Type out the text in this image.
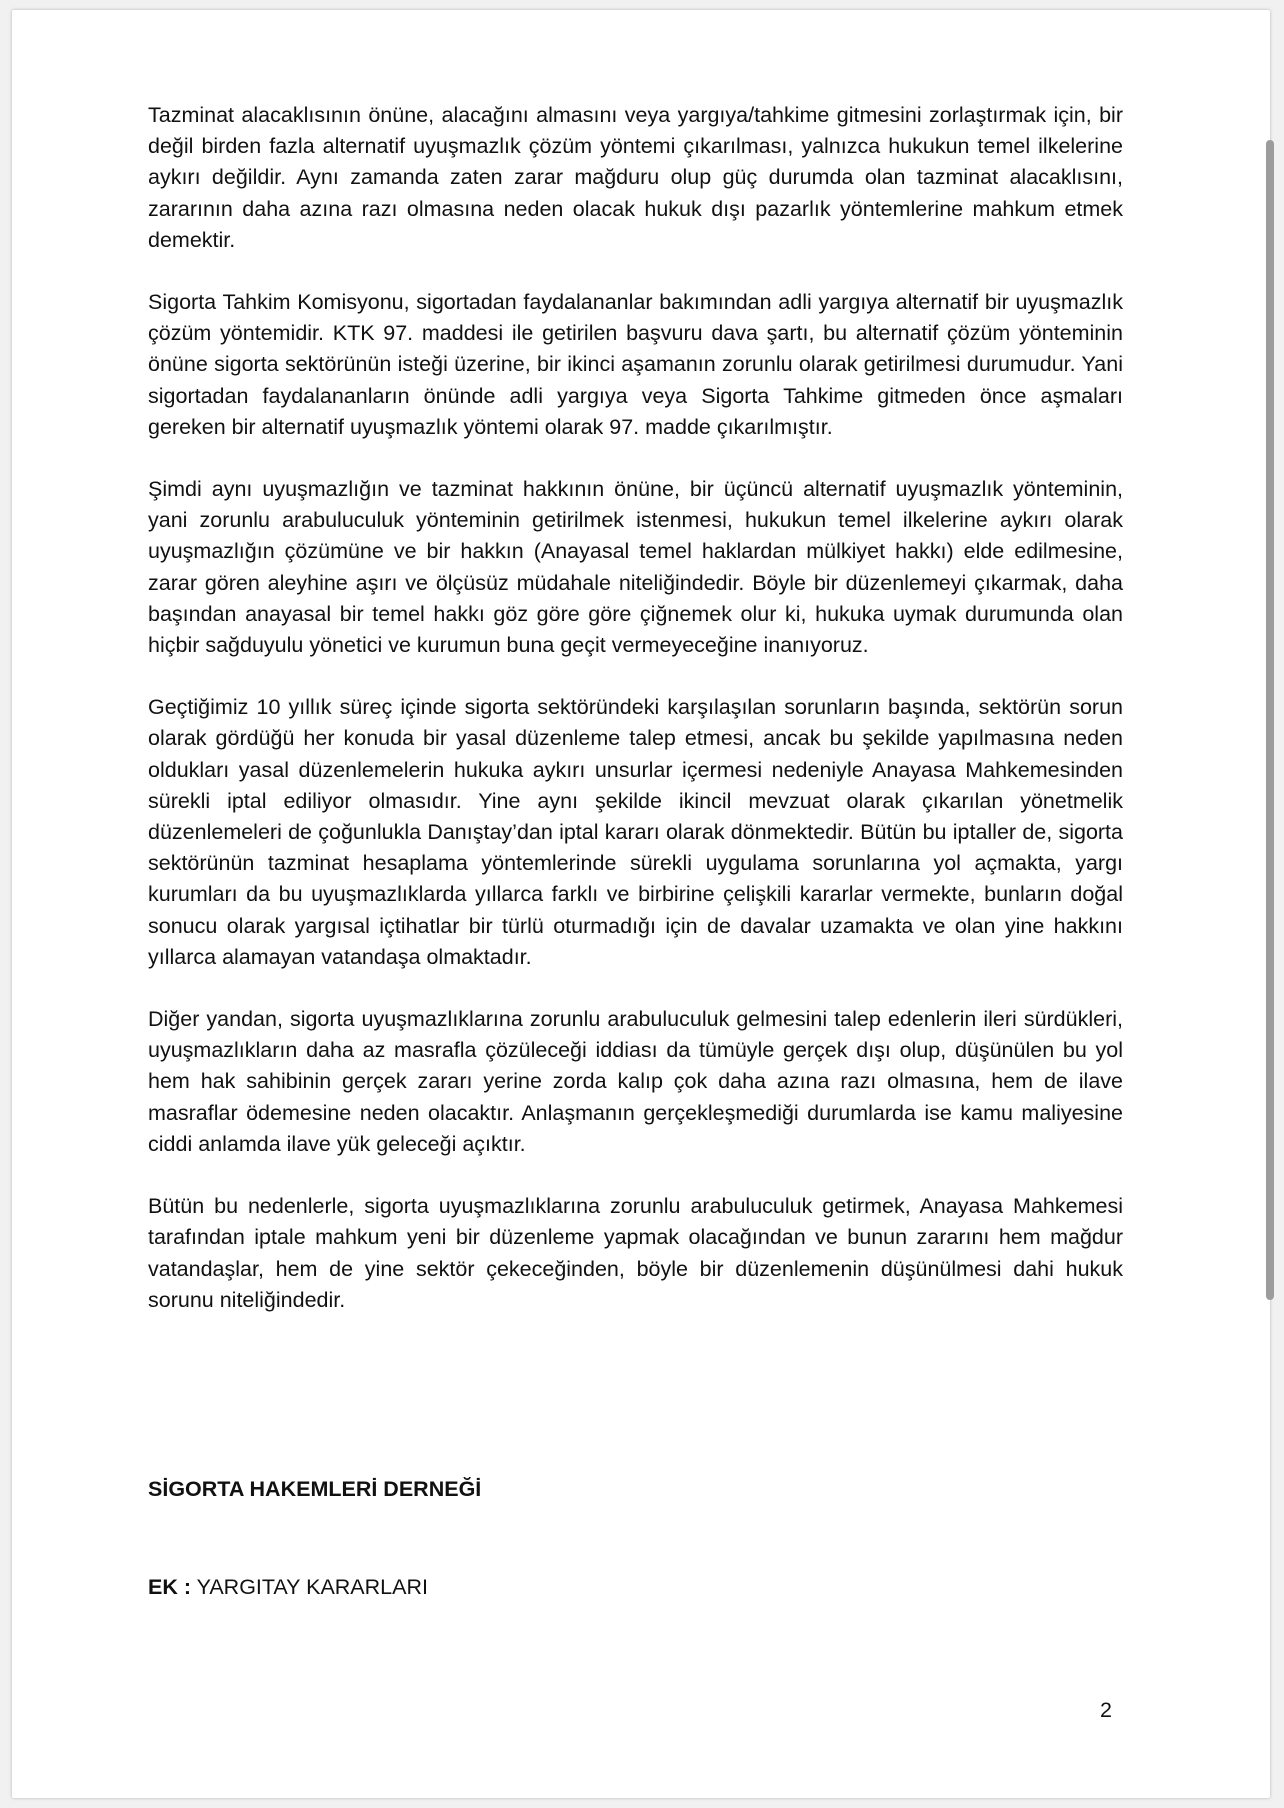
Tazminat alacaklısının önüne, alacağını almasını veya yargıya/tahkime gitmesini zorlaştırmak için, bir değil birden fazla alternatif uyuşmazlık çözüm yöntemi çıkarılması, yalnızca hukukun temel ilkelerine aykırı değildir. Aynı zamanda zaten zarar mağduru olup güç durumda olan tazminat alacaklısını, zararının daha azına razı olmasına neden olacak hukuk dışı pazarlık yöntemlerine mahkum etmek demektir.

Sigorta Tahkim Komisyonu, sigortadan faydalananlar bakımından adli yargıya alternatif bir uyuşmazlık çözüm yöntemidir. KTK 97. maddesi ile getirilen başvuru dava şartı, bu alternatif çözüm yönteminin önüne sigorta sektörünün isteği üzerine, bir ikinci aşamanın zorunlu olarak getirilmesi durumudur. Yani sigortadan faydalananların önünde adli yargıya veya Sigorta Tahkime gitmeden önce aşmaları gereken bir alternatif uyuşmazlık yöntemi olarak 97. madde çıkarılmıştır.

Şimdi aynı uyuşmazlığın ve tazminat hakkının önüne, bir üçüncü alternatif uyuşmazlık yönteminin, yani zorunlu arabuluculuk yönteminin getirilmek istenmesi, hukukun temel ilkelerine aykırı olarak uyuşmazlığın çözümüne ve bir hakkın (Anayasal temel haklardan mülkiyet hakkı) elde edilmesine, zarar gören aleyhine aşırı ve ölçüsüz müdahale niteliğindedir. Böyle bir düzenlemeyi çıkarmak, daha başından anayasal bir temel hakkı göz göre göre çiğnemek olur ki, hukuka uymak durumunda olan hiçbir sağduyulu yönetici ve kurumun buna geçit vermeyeceğine inanıyoruz.

Geçtiğimiz 10 yıllık süreç içinde sigorta sektöründeki karşılaşılan sorunların başında, sektörün sorun olarak gördüğü her konuda bir yasal düzenleme talep etmesi, ancak bu şekilde yapılmasına neden oldukları yasal düzenlemelerin hukuka aykırı unsurlar içermesi nedeniyle Anayasa Mahkemesinden sürekli iptal ediliyor olmasıdır. Yine aynı şekilde ikincil mevzuat olarak çıkarılan yönetmelik düzenlemeleri de çoğunlukla Danıştay’dan iptal kararı olarak dönmektedir. Bütün bu iptaller de, sigorta sektörünün tazminat hesaplama yöntemlerinde sürekli uygulama sorunlarına yol açmakta, yargı kurumları da bu uyuşmazlıklarda yıllarca farklı ve birbirine çelişkili kararlar vermekte, bunların doğal sonucu olarak yargısal içtihatlar bir türlü oturmadığı için de davalar uzamakta ve olan yine hakkını yıllarca alamayan vatandaşa olmaktadır.

Diğer yandan, sigorta uyuşmazlıklarına zorunlu arabuluculuk gelmesini talep edenlerin ileri sürdükleri, uyuşmazlıkların daha az masrafla çözüleceği iddiası da tümüyle gerçek dışı olup, düşünülen bu yol hem hak sahibinin gerçek zararı yerine zorda kalıp çok daha azına razı olmasına, hem de ilave masraflar ödemesine neden olacaktır. Anlaşmanın gerçekleşmediği durumlarda ise kamu maliyesine ciddi anlamda ilave yük geleceği açıktır.

Bütün bu nedenlerle, sigorta uyuşmazlıklarına zorunlu arabuluculuk getirmek, Anayasa Mahkemesi tarafından iptale mahkum yeni bir düzenleme yapmak olacağından ve bunun zararını hem mağdur vatandaşlar, hem de yine sektör çekeceğinden, böyle bir düzenlemenin düşünülmesi dahi hukuk sorunu niteliğindedir.

SİGORTA HAKEMLERİ DERNEĞİ
EK : YARGITAY KARARLARI
2
